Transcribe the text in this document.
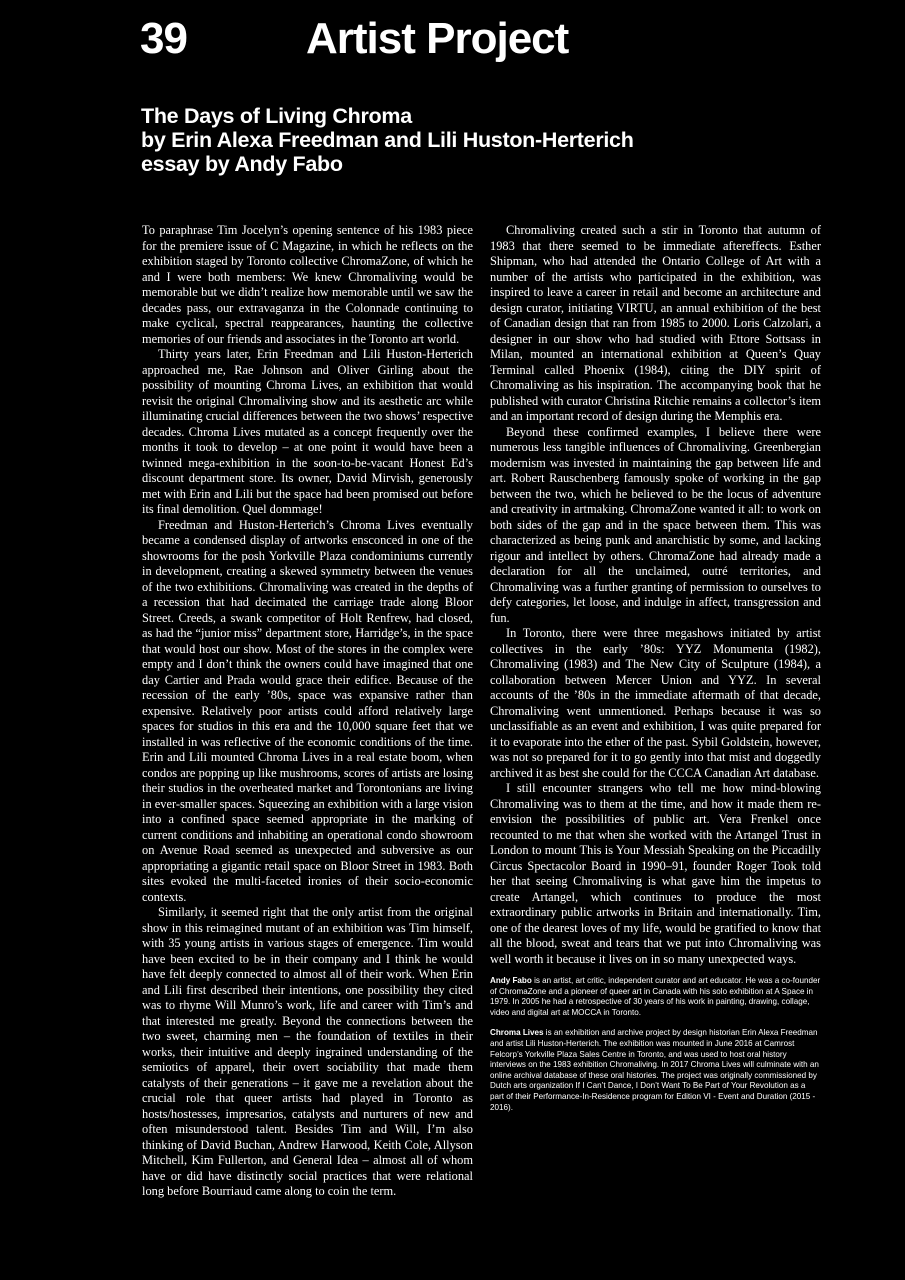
39	Artist Project
The Days of Living Chroma
by Erin Alexa Freedman and Lili Huston-Herterich
essay by Andy Fabo

To paraphrase Tim Jocelyn’s opening sentence of his 1983 piece for the premiere issue of C Magazine, in which he reflects on the exhibition staged by Toronto collective ChromaZone, of which he and I were both members: We knew Chromaliving would be memorable but we didn’t realize how memorable until we saw the decades pass, our extravaganza in the Colonnade continuing to make cyclical, spectral reappearances, haunting the collective memories of our friends and associates in the Toronto art world.

Thirty years later, Erin Freedman and Lili Huston-Herterich approached me, Rae Johnson and Oliver Girling about the possibility of mounting Chroma Lives, an exhibition that would revisit the original Chromaliving show and its aesthetic arc while illuminating crucial differences between the two shows’ respective decades. Chroma Lives mutated as a concept frequently over the months it took to develop – at one point it would have been a twinned mega-exhibition in the soon-to-be-vacant Honest Ed’s discount department store. Its owner, David Mirvish, generously met with Erin and Lili but the space had been promised out before its final demolition. Quel dommage!

Freedman and Huston-Herterich’s Chroma Lives eventually became a condensed display of artworks ensconced in one of the showrooms for the posh Yorkville Plaza condominiums currently in development, creating a skewed symmetry between the venues of the two exhibitions. Chromaliving was created in the depths of a recession that had decimated the carriage trade along Bloor Street. Creeds, a swank competitor of Holt Renfrew, had closed, as had the “junior miss” department store, Harridge’s, in the space that would host our show. Most of the stores in the complex were empty and I don’t think the owners could have imagined that one day Cartier and Prada would grace their edifice. Because of the recession of the early ’80s, space was expansive rather than expensive. Relatively poor artists could afford relatively large spaces for studios in this era and the 10,000 square feet that we installed in was reflective of the economic conditions of the time. Erin and Lili mounted Chroma Lives in a real estate boom, when condos are popping up like mushrooms, scores of artists are losing their studios in the overheated market and Torontonians are living in ever-smaller spaces. Squeezing an exhibition with a large vision into a confined space seemed appropriate in the marking of current conditions and inhabiting an operational condo showroom on Avenue Road seemed as unexpected and subversive as our appropriating a gigantic retail space on Bloor Street in 1983. Both sites evoked the multi-faceted ironies of their socio-economic contexts.

Similarly, it seemed right that the only artist from the original show in this reimagined mutant of an exhibition was Tim himself, with 35 young artists in various stages of emergence. Tim would have been excited to be in their company and I think he would have felt deeply connected to almost all of their work. When Erin and Lili first described their intentions, one possibility they cited was to rhyme Will Munro’s work, life and career with Tim’s and that interested me greatly. Beyond the connections between the two sweet, charming men – the foundation of textiles in their works, their intuitive and deeply ingrained understanding of the semiotics of apparel, their overt sociability that made them catalysts of their generations – it gave me a revelation about the crucial role that queer artists had played in Toronto as hosts/hostesses, impresarios, catalysts and nurturers of new and often misunderstood talent. Besides Tim and Will, I’m also thinking of David Buchan, Andrew Harwood, Keith Cole, Allyson Mitchell, Kim Fullerton, and General Idea – almost all of whom have or did have distinctly social practices that were relational long before Bourriaud came along to coin the term.

Chromaliving created such a stir in Toronto that autumn of 1983 that there seemed to be immediate aftereffects. Esther Shipman, who had attended the Ontario College of Art with a number of the artists who participated in the exhibition, was inspired to leave a career in retail and become an architecture and design curator, initiating VIRTU, an annual exhibition of the best of Canadian design that ran from 1985 to 2000. Loris Calzolari, a designer in our show who had studied with Ettore Sottsass in Milan, mounted an international exhibition at Queen’s Quay Terminal called Phoenix (1984), citing the DIY spirit of Chromaliving as his inspiration. The accompanying book that he published with curator Christina Ritchie remains a collector’s item and an important record of design during the Memphis era.

Beyond these confirmed examples, I believe there were numerous less tangible influences of Chromaliving. Greenbergian modernism was invested in maintaining the gap between life and art. Robert Rauschenberg famously spoke of working in the gap between the two, which he believed to be the locus of adventure and creativity in artmaking. ChromaZone wanted it all: to work on both sides of the gap and in the space between them. This was characterized as being punk and anarchistic by some, and lacking rigour and intellect by others. ChromaZone had already made a declaration for all the unclaimed, outré territories, and Chromaliving was a further granting of permission to ourselves to defy categories, let loose, and indulge in affect, transgression and fun.

In Toronto, there were three megashows initiated by artist collectives in the early ’80s: YYZ Monumenta (1982), Chromaliving (1983) and The New City of Sculpture (1984), a collaboration between Mercer Union and YYZ. In several accounts of the ’80s in the immediate aftermath of that decade, Chromaliving went unmentioned. Perhaps because it was so unclassifiable as an event and exhibition, I was quite prepared for it to evaporate into the ether of the past. Sybil Goldstein, however, was not so prepared for it to go gently into that mist and doggedly archived it as best she could for the CCCA Canadian Art database.

I still encounter strangers who tell me how mind-blowing Chromaliving was to them at the time, and how it made them re-envision the possibilities of public art. Vera Frenkel once recounted to me that when she worked with the Artangel Trust in London to mount This is Your Messiah Speaking on the Piccadilly Circus Spectacolor Board in 1990–91, founder Roger Took told her that seeing Chromaliving is what gave him the impetus to create Artangel, which continues to produce the most extraordinary public artworks in Britain and internationally. Tim, one of the dearest loves of my life, would be gratified to know that all the blood, sweat and tears that we put into Chromaliving was well worth it because it lives on in so many unexpected ways.

Andy Fabo is an artist, art critic, independent curator and art educator. He was a co-founder of ChromaZone and a pioneer of queer art in Canada with his solo exhibition at A Space in 1979. In 2005 he had a retrospective of 30 years of his work in painting, drawing, collage, video and digital art at MOCCA in Toronto.

Chroma Lives is an exhibition and archive project by design historian Erin Alexa Freedman and artist Lili Huston-Herterich. The exhibition was mounted in June 2016 at Camrost Felcorp’s Yorkville Plaza Sales Centre in Toronto, and was used to host oral history interviews on the 1983 exhibition Chromaliving. In 2017 Chroma Lives will culminate with an online archival database of these oral histories. The project was originally commissioned by Dutch arts organization If I Can’t Dance, I Don’t Want To Be Part of Your Revolution as a part of their Performance-In-Residence program for Edition VI - Event and Duration (2015 - 2016).
